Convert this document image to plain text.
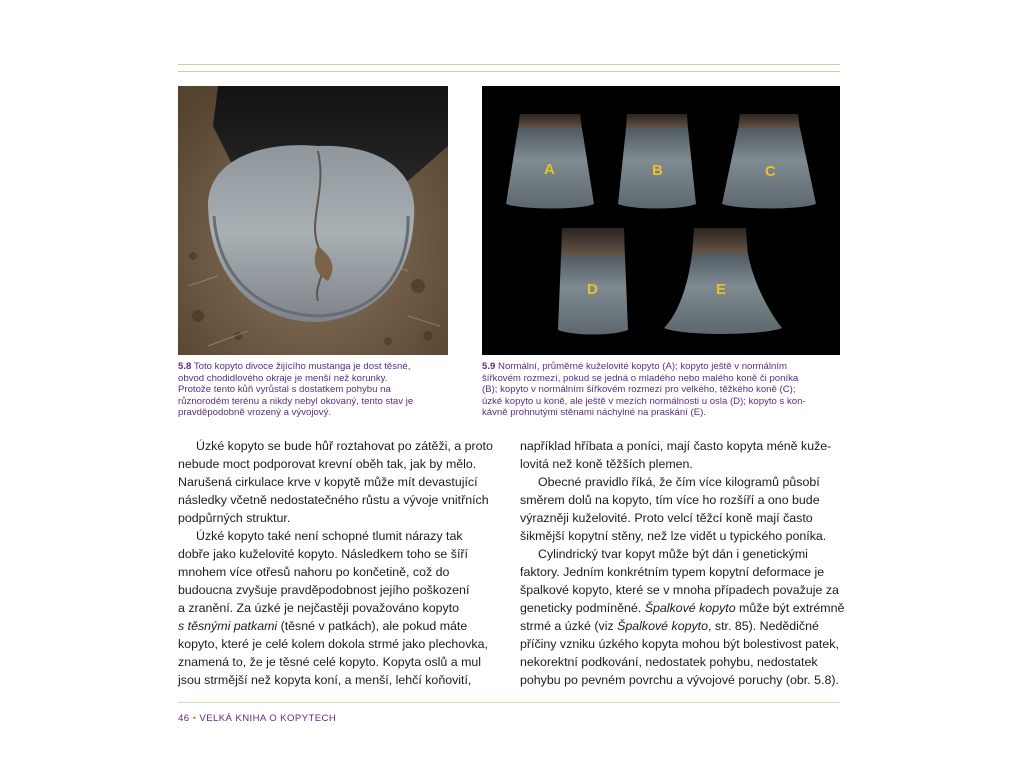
A	B	C
D	E
5.8 Toto kopyto divoce žijícího mustanga je dost těsné,
obvod chodidlového okraje je menší než korunky.
Protože tento kůň vyrůstal s dostatkem pohybu na
různorodém terénu a nikdy nebyl okovaný, tento stav je
pravděpodobně vrozený a vývojový.
5.9 Normální, průměrné kuželovité kopyto (A); kopyto ještě v normálním
šířkovém rozmezí, pokud se jedná o mladého nebo malého koně či poníka
(B); kopyto v normálním šířkovém rozmezí pro velkého, těžkého koně (C);
úzké kopyto u koně, ale ještě v mezích normálnosti u osla (D); kopyto s kon-
kávně prohnutými stěnami náchylné na praskání (E).

Úzké kopyto se bude hůř roztahovat po zátěži, a proto
nebude moct podporovat krevní oběh tak, jak by mělo.
Narušená cirkulace krve v kopytě může mít devastující
následky včetně nedostatečného růstu a vývoje vnitřních
podpůrných struktur.

Úzké kopyto také není schopné tlumit nárazy tak
dobře jako kuželovité kopyto. Následkem toho se šíří
mnohem více otřesů nahoru po končetině, což do
budoucna zvyšuje pravděpodobnost jejího poškození
a zranění. Za úzké je nejčastěji považováno kopyto
s těsnými patkami (těsné v patkách), ale pokud máte
kopyto, které je celé kolem dokola strmé jako plechovka,
znamená to, že je těsné celé kopyto. Kopyta oslů a mul
jsou strmější než kopyta koní, a menší, lehčí koňovití,

například hříbata a poníci, mají často kopyta méně kuže-
lovitá než koně těžších plemen.

Obecné pravidlo říká, že čím více kilogramů působí
směrem dolů na kopyto, tím více ho rozšíří a ono bude
výrazněji kuželovité. Proto velcí těžcí koně mají často
šikmější kopytní stěny, než lze vidět u typického poníka.

Cylindrický tvar kopyt může být dán i genetickými
faktory. Jedním konkrétním typem kopytní deformace je
špalkové kopyto, které se v mnoha případech považuje za
geneticky podmíněné. Špalkové kopyto může být extrémně
strmé a úzké (viz Špalkové kopyto, str. 85). Nedědičné
příčiny vzniku úzkého kopyta mohou být bolestivost patek,
nekorektní podkování, nedostatek pohybu, nedostatek
pohybu po pevném povrchu a vývojové poruchy (obr. 5.8).

46 • VELKÁ KNIHA O KOPYTECH
